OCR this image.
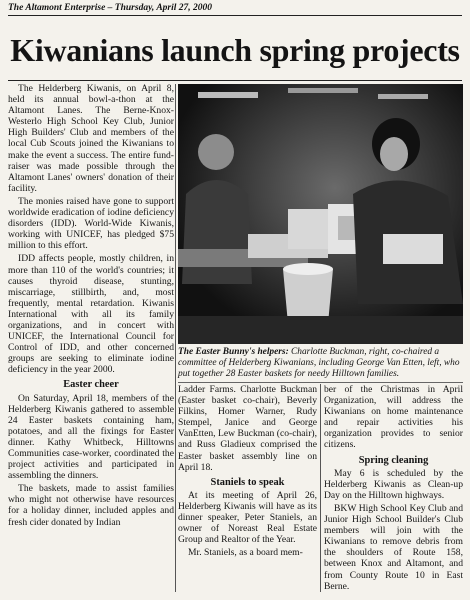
The Altamont Enterprise – Thursday, April 27, 2000
Kiwanians launch spring projects

The Helderberg Kiwanis, on April 8, held its annual bowl-a-thon at the Altamont Lanes. The Berne-Knox-Westerlo High School Key Club, Junior High Builders' Club and members of the local Cub Scouts joined the Kiwanians to make the event a success. The entire fund-raiser was made possible through the Altamont Lanes' owners' donation of their facility.

The monies raised have gone to support worldwide eradication of iodine deficiency disorders (IDD). World-Wide Kiwanis, working with UNICEF, has pledged $75 million to this effort.

IDD affects people, mostly children, in more than 110 of the world's countries; it causes thyroid disease, stunting, miscarriage, stillbirth, and, most frequently, mental retardation. Kiwanis International with all its family organizations, and in concert with UNICEF, the International Council for Control of IDD, and other concerned groups are seeking to eliminate iodine deficiency in the year 2000.

Easter cheer

On Saturday, April 18, members of the Helderberg Kiwanis gathered to assemble 24 Easter baskets containing ham, potatoes, and all the fixings for Easter dinner. Kathy Whitbeck, Hilltowns Communities case-worker, coordinated the project activities and participated in assembling the dinners.

The baskets, made to assist families who might not otherwise have resources for a holiday dinner, included apples and fresh cider donated by Indian

The Easter Bunny's helpers: Charlotte Buckman, right, co-chaired a committee of Helderberg Kiwanians, including George Van Etten, left, who put together 28 Easter baskets for needy Hilltown families.

Ladder Farms. Charlotte Buckman (Easter basket co-chair), Beverly Filkins, Homer Warner, Rudy Stempel, Janice and George VanEtten, Lew Buckman (co-chair), and Russ Gladieux comprised the Easter basket assembly line on April 18.

Staniels to speak

At its meeting of April 26, Helderberg Kiwanis will have as its dinner speaker, Peter Staniels, an owner of Noreast Real Estate Group and Realtor of the Year.

Mr. Staniels, as a board mem-

ber of the Christmas in April Organization, will address the Kiwanians on home maintenance and repair activities his organization provides to senior citizens.

Spring cleaning

May 6 is scheduled by the Helderberg Kiwanis as Clean-up Day on the Hilltown highways.

BKW High School Key Club and Junior High School Builder's Club members will join with the Kiwanians to remove debris from the shoulders of Route 158, between Knox and Altamont, and from County Route 10 in East Berne.
